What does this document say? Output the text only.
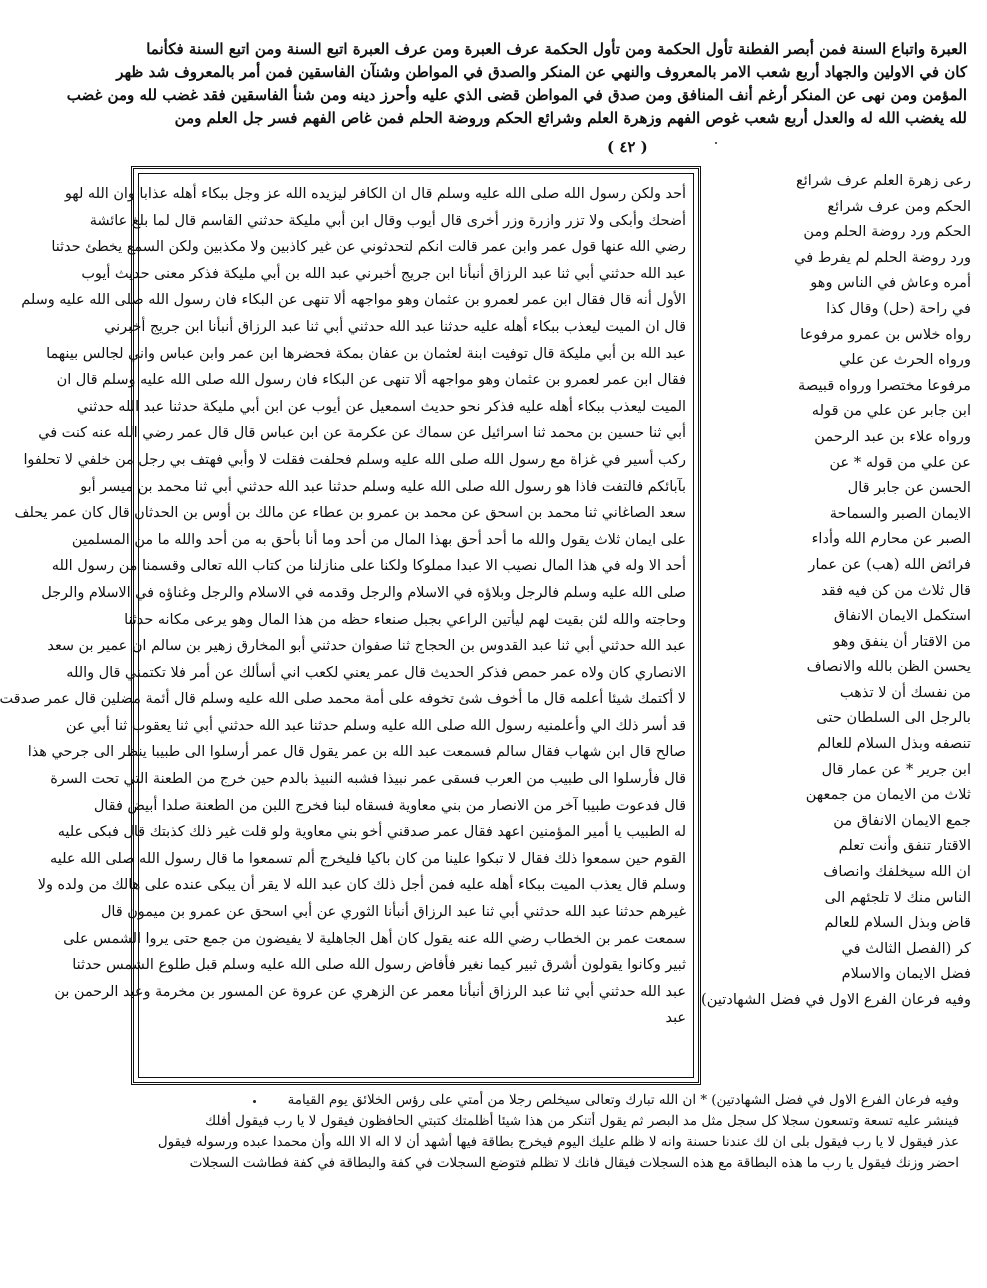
العبرة واتباع السنة فمن أبصر الفطنة تأول الحكمة ومن تأول الحكمة عرف العبرة ومن عرف العبرة اتبع السنة ومن اتبع السنة فكأنما
كان في الاولين والجهاد أربع شعب الامر بالمعروف والنهي عن المنكر والصدق في المواطن وشنآن الفاسقين فمن أمر بالمعروف شد ظهر
المؤمن ومن نهى عن المنكر أرغم أنف المنافق ومن صدق في المواطن قضى الذي عليه وأحرز دينه ومن شنأ الفاسقين فقد غضب لله ومن غضب
لله يغضب الله له والعدل أربع شعب غوص الفهم وزهرة العلم وشرائع الحكم وروضة الحلم فمن غاص الفهم فسر جل العلم ومن
( ٤٢ )
أحد ولكن رسول الله صلى الله عليه وسلم قال ان الكافر ليزيده الله عز وجل ببكاء أهله عذابا وان الله لهو
أضحك وأبكى ولا تزر وازرة وزر أخرى قال أيوب وقال ابن أبي مليكة حدثني القاسم قال لما بلغ عائشة
رضي الله عنها قول عمر وابن عمر قالت انكم لتحدثوني عن غير كاذبين ولا مكذبين ولكن السمع يخطئ حدثنا
عبد الله حدثني أبي ثنا عبد الرزاق أنبأنا ابن جريج أخبرني عبد الله بن أبي مليكة فذكر معنى حديث أيوب
الأول أنه قال فقال ابن عمر لعمرو بن عثمان وهو مواجهه ألا تنهى عن البكاء فان رسول الله صلى الله عليه وسلم
قال ان الميت ليعذب ببكاء أهله عليه حدثنا عبد الله حدثني أبي ثنا عبد الرزاق أنبأنا ابن جريج أخبرني
عبد الله بن أبي مليكة قال توفيت ابنة لعثمان بن عفان بمكة فحضرها ابن عمر وابن عباس واني لجالس بينهما
فقال ابن عمر لعمرو بن عثمان وهو مواجهه ألا تنهى عن البكاء فان رسول الله صلى الله عليه وسلم قال ان
الميت ليعذب ببكاء أهله عليه فذكر نحو حديث اسمعيل عن أيوب عن ابن أبي مليكة حدثنا عبد الله حدثني
أبي ثنا حسين بن محمد ثنا اسرائيل عن سماك عن عكرمة عن ابن عباس قال قال عمر رضي الله عنه كنت في
ركب أسير في غزاة مع رسول الله صلى الله عليه وسلم فحلفت فقلت لا وأبي فهتف بي رجل من خلفي لا تحلفوا
بآبائكم فالتفت فاذا هو رسول الله صلى الله عليه وسلم حدثنا عبد الله حدثني أبي ثنا محمد بن ميسر أبو
سعد الصاغاني ثنا محمد بن اسحق عن محمد بن عمرو بن عطاء عن مالك بن أوس بن الحدثان قال كان عمر يحلف
على ايمان ثلاث يقول والله ما أحد أحق بهذا المال من أحد وما أنا بأحق به من أحد والله ما من المسلمين
أحد الا وله في هذا المال نصيب الا عبدا مملوكا ولكنا على منازلنا من كتاب الله تعالى وقسمنا من رسول الله
صلى الله عليه وسلم فالرجل وبلاؤه في الاسلام والرجل وقدمه في الاسلام والرجل وغناؤه في الاسلام والرجل
وحاجته والله لئن بقيت لهم ليأتين الراعي بجبل صنعاء حظه من هذا المال وهو يرعى مكانه حدثنا
عبد الله حدثني أبي ثنا عبد القدوس بن الحجاج ثنا صفوان حدثني أبو المخارق زهير بن سالم ان عمير بن سعد
الانصاري كان ولاه عمر حمص فذكر الحديث قال عمر يعني لكعب اني أسألك عن أمر فلا تكتمني قال والله
لا أكتمك شيئا أعلمه قال ما أخوف شئ تخوفه على أمة محمد صلى الله عليه وسلم قال أئمة مضلين قال عمر صدقت
قد أسر ذلك الي وأعلمنيه رسول الله صلى الله عليه وسلم حدثنا عبد الله حدثني أبي ثنا يعقوب ثنا أبي عن
صالح قال ابن شهاب فقال سالم فسمعت عبد الله بن عمر يقول قال عمر أرسلوا الى طبيبا ينظر الى جرحي هذا
قال فأرسلوا الى طبيب من العرب فسقى عمر نبيذا فشبه النبيذ بالدم حين خرج من الطعنة التي تحت السرة
قال فدعوت طبيبا آخر من الانصار من بني معاوية فسقاه لبنا فخرج اللبن من الطعنة صلدا أبيض فقال
له الطبيب يا أمير المؤمنين اعهد فقال عمر صدقني أخو بني معاوية ولو قلت غير ذلك كذبتك قال فبكى عليه
القوم حين سمعوا ذلك فقال لا تبكوا علينا من كان باكيا فليخرج ألم تسمعوا ما قال رسول الله صلى الله عليه
وسلم قال يعذب الميت ببكاء أهله عليه فمن أجل ذلك كان عبد الله لا يقر أن يبكى عنده على هالك من ولده ولا
غيرهم حدثنا عبد الله حدثني أبي ثنا عبد الرزاق أنبأنا الثوري عن أبي اسحق عن عمرو بن ميمون قال
سمعت عمر بن الخطاب رضي الله عنه يقول كان أهل الجاهلية لا يفيضون من جمع حتى يروا الشمس على
ثبير وكانوا يقولون أشرق ثبير كيما نغير فأفاض رسول الله صلى الله عليه وسلم قبل طلوع الشمس حدثنا
عبد الله حدثني أبي ثنا عبد الرزاق أنبأنا معمر عن الزهري عن عروة عن المسور بن مخرمة وعبد الرحمن بن
عبد
رعى زهرة العلم عرف شرائع
الحكم ومن عرف شرائع
الحكم ورد روضة الحلم ومن
ورد روضة الحلم لم يفرط في
أمره وعاش في الناس وهو
في راحة (حل) وقال كذا
رواه خلاس بن عمرو مرفوعا
ورواه الحرث عن علي
مرفوعا مختصرا ورواه قبيصة
ابن جابر عن علي من قوله
ورواه علاء بن عبد الرحمن
عن علي من قوله * عن
الحسن عن جابر قال
الايمان الصبر والسماحة
الصبر عن محارم الله وأداء
فرائض الله (هب) عن عمار
قال ثلاث من كن فيه فقد
استكمل الايمان الانفاق
من الاقتار أن ينفق وهو
يحسن الظن بالله والانصاف
من نفسك أن لا تذهب
بالرجل الى السلطان حتى
تنصفه وبذل السلام للعالم
ابن جرير * عن عمار قال
ثلاث من الايمان من جمعهن
جمع الايمان الانفاق من
الاقتار تنفق وأنت تعلم
ان الله سيخلفك وانصاف
الناس منك لا تلجئهم الى
قاض وبذل السلام للعالم
كر (الفصل الثالث في
فضل الايمان والاسلام
وفيه فرعان الفرع الاول في فضل الشهادتين)
وفيه فرعان الفرع الاول في فضل الشهادتين) * ان الله تبارك وتعالى سيخلص رجلا من أمتي على رؤس الخلائق يوم القيامة
فينشر عليه تسعة وتسعون سجلا كل سجل مثل مد البصر ثم يقول أتنكر من هذا شيئا أظلمتك كتبتي الحافظون فيقول لا يا رب فيقول أفلك
عذر فيقول لا يا رب فيقول بلى ان لك عندنا حسنة وانه لا ظلم عليك اليوم فيخرج بطاقة فيها أشهد أن لا اله الا الله وأن محمدا عبده ورسوله فيقول
احضر وزنك فيقول يا رب ما هذه البطاقة مع هذه السجلات فيقال فانك لا تظلم فتوضع السجلات في كفة والبطاقة في كفة فطاشت السجلات
